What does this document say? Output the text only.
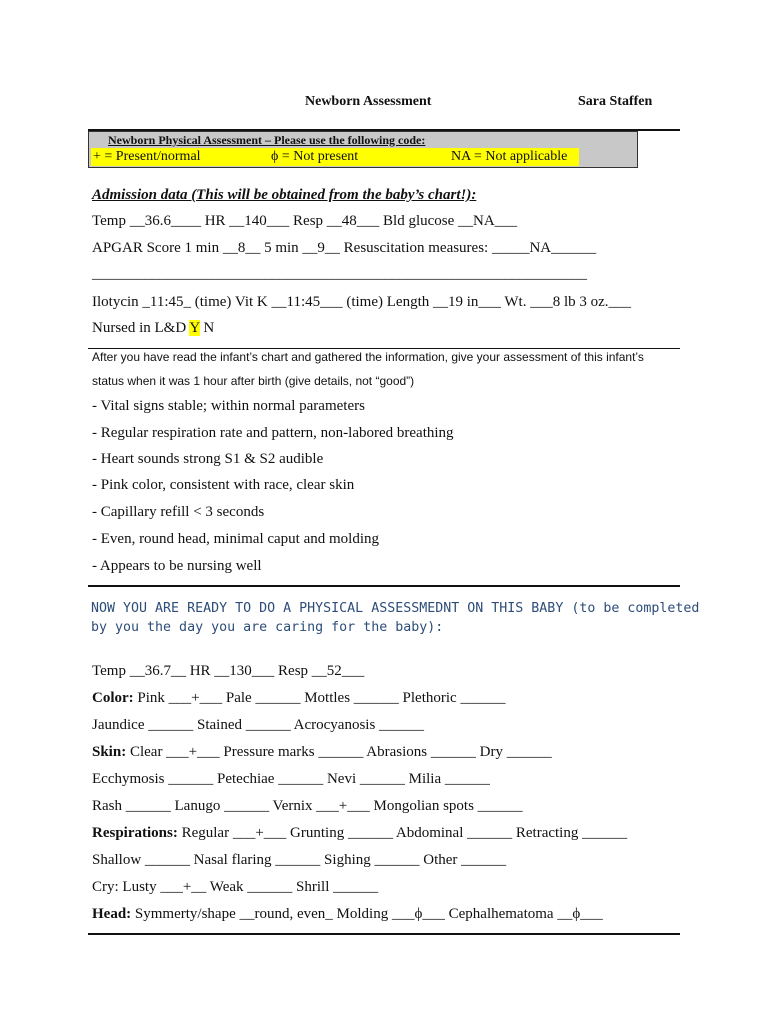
Newborn Assessment	Sara Staffen
Newborn Physical Assessment – Please use the following code:
+ = Present/normal	ϕ = Not present	NA = Not applicable
Admission data (This will be obtained from the baby’s chart!):
Temp __36.6____ HR __140___ Resp __48___ Bld glucose __NA___
APGAR Score 1 min __8__ 5 min __9__ Resuscitation measures: _____NA______
__________________________________________________________________
Ilotycin _11:45_ (time) Vit K __11:45___ (time) Length __19 in___ Wt. ___8 lb 3 oz.___
Nursed in L&D Y N
After you have read the infant’s chart and gathered the information, give your assessment of this infant’s
status when it was 1 hour after birth (give details, not “good”)
- Vital signs stable; within normal parameters
- Regular respiration rate and pattern, non-labored breathing
- Heart sounds strong S1 & S2 audible
- Pink color, consistent with race, clear skin
- Capillary refill < 3 seconds
- Even, round head, minimal caput and molding
- Appears to be nursing well
NOW YOU ARE READY TO DO A PHYSICAL ASSESSMEDNT ON THIS BABY (to be completed
by you the day you are caring for the baby):
Temp __36.7__ HR __130___ Resp __52___
Color: Pink ___+___ Pale ______ Mottles ______ Plethoric ______
Jaundice ______ Stained ______ Acrocyanosis ______
Skin: Clear ___+___ Pressure marks ______ Abrasions ______ Dry ______
Ecchymosis ______ Petechiae ______ Nevi ______ Milia ______
Rash ______ Lanugo ______ Vernix ___+___ Mongolian spots ______
Respirations: Regular ___+___ Grunting ______ Abdominal ______ Retracting ______
Shallow ______ Nasal flaring ______ Sighing ______ Other ______
Cry: Lusty ___+__ Weak ______ Shrill ______
Head: Symmerty/shape __round, even_ Molding ___ϕ___ Cephalhematoma __ϕ___
